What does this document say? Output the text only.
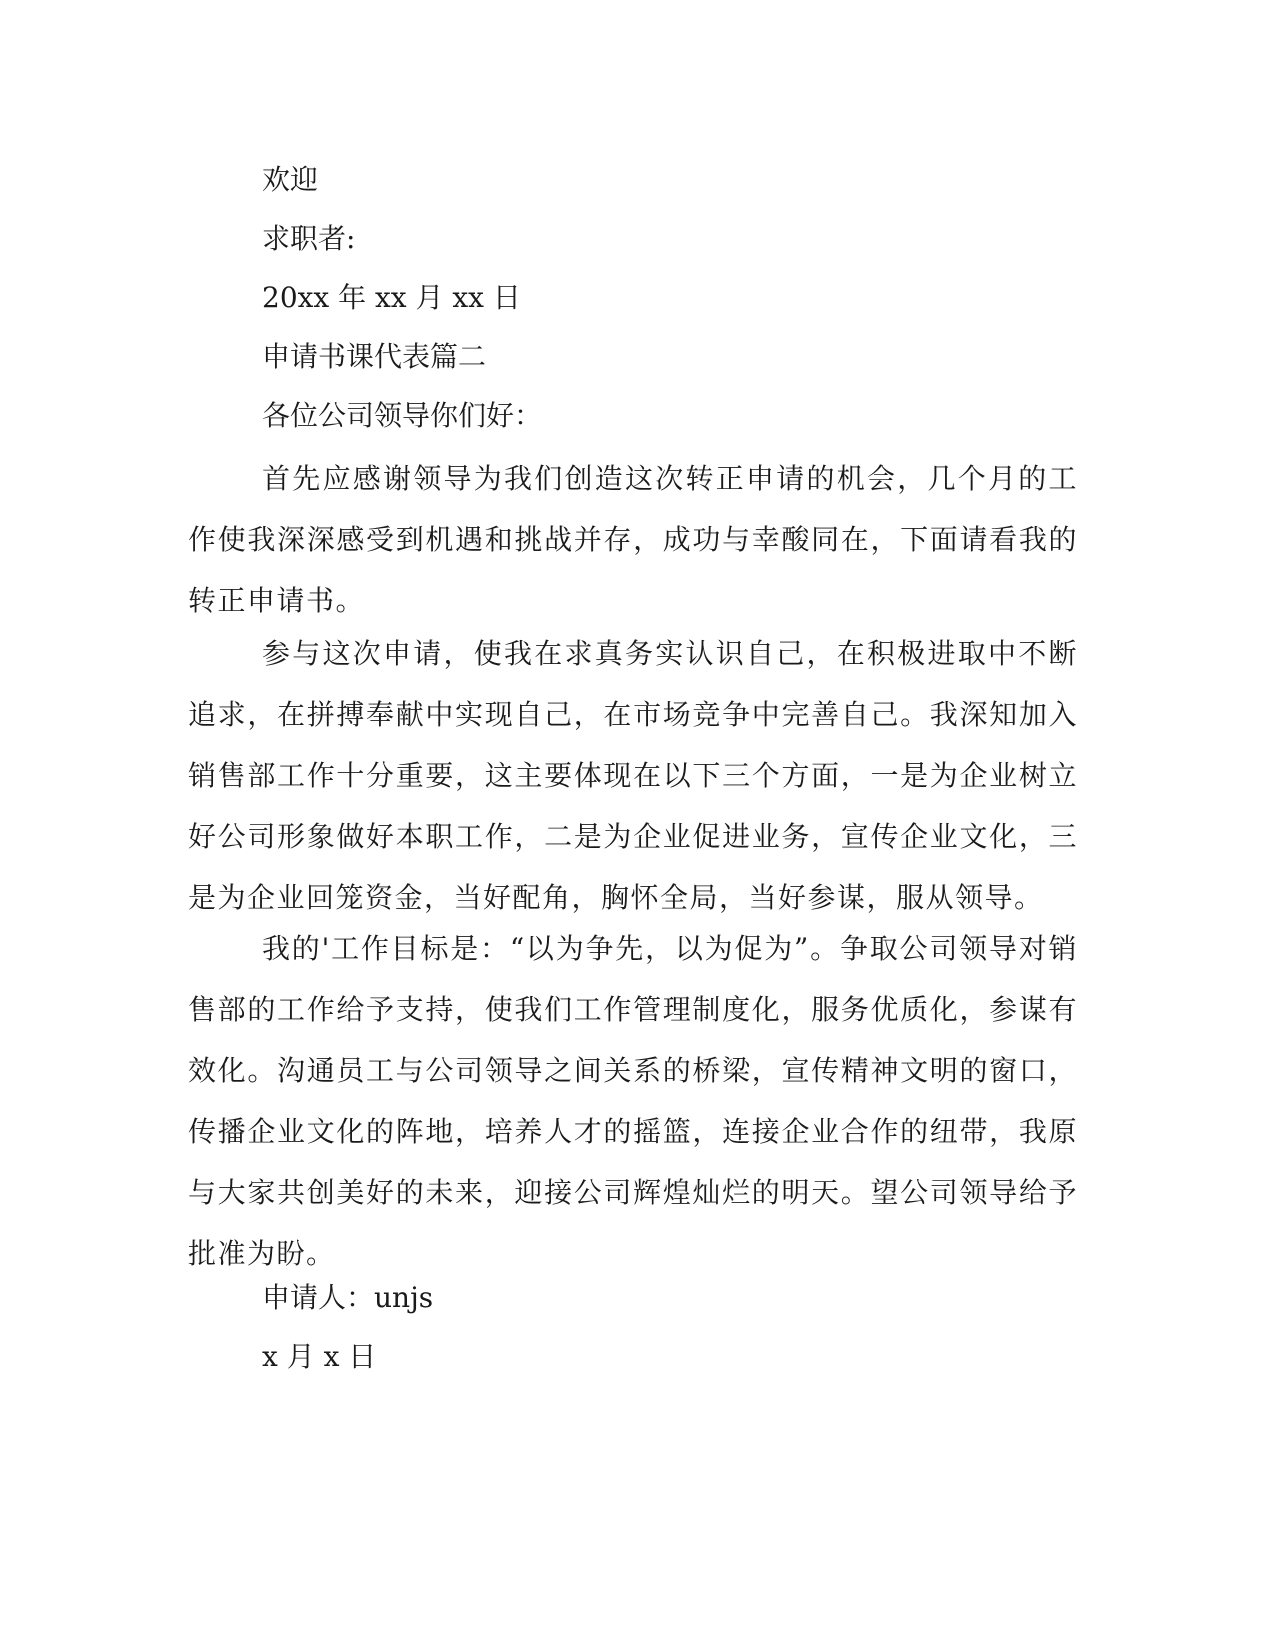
欢迎
求职者:
20xx 年 xx 月 xx 日
申请书课代表篇二
各位公司领导你们好：

首先应感谢领导为我们创造这次转正申请的机会，几个月的工作使我深深感受到机遇和挑战并存，成功与幸酸同在，下面请看我的转正申请书。

参与这次申请，使我在求真务实认识自己，在积极进取中不断追求，在拼搏奉献中实现自己，在市场竞争中完善自己。我深知加入销售部工作十分重要，这主要体现在以下三个方面，一是为企业树立好公司形象做好本职工作，二是为企业促进业务，宣传企业文化，三是为企业回笼资金，当好配角，胸怀全局，当好参谋，服从领导。

我的'工作目标是：“以为争先，以为促为”。争取公司领导对销售部的工作给予支持，使我们工作管理制度化，服务优质化，参谋有效化。沟通员工与公司领导之间关系的桥梁，宣传精神文明的窗口，传播企业文化的阵地，培养人才的摇篮，连接企业合作的纽带，我原与大家共创美好的未来，迎接公司辉煌灿烂的明天。望公司领导给予批准为盼。

申请人：unjs
x 月 x 日
